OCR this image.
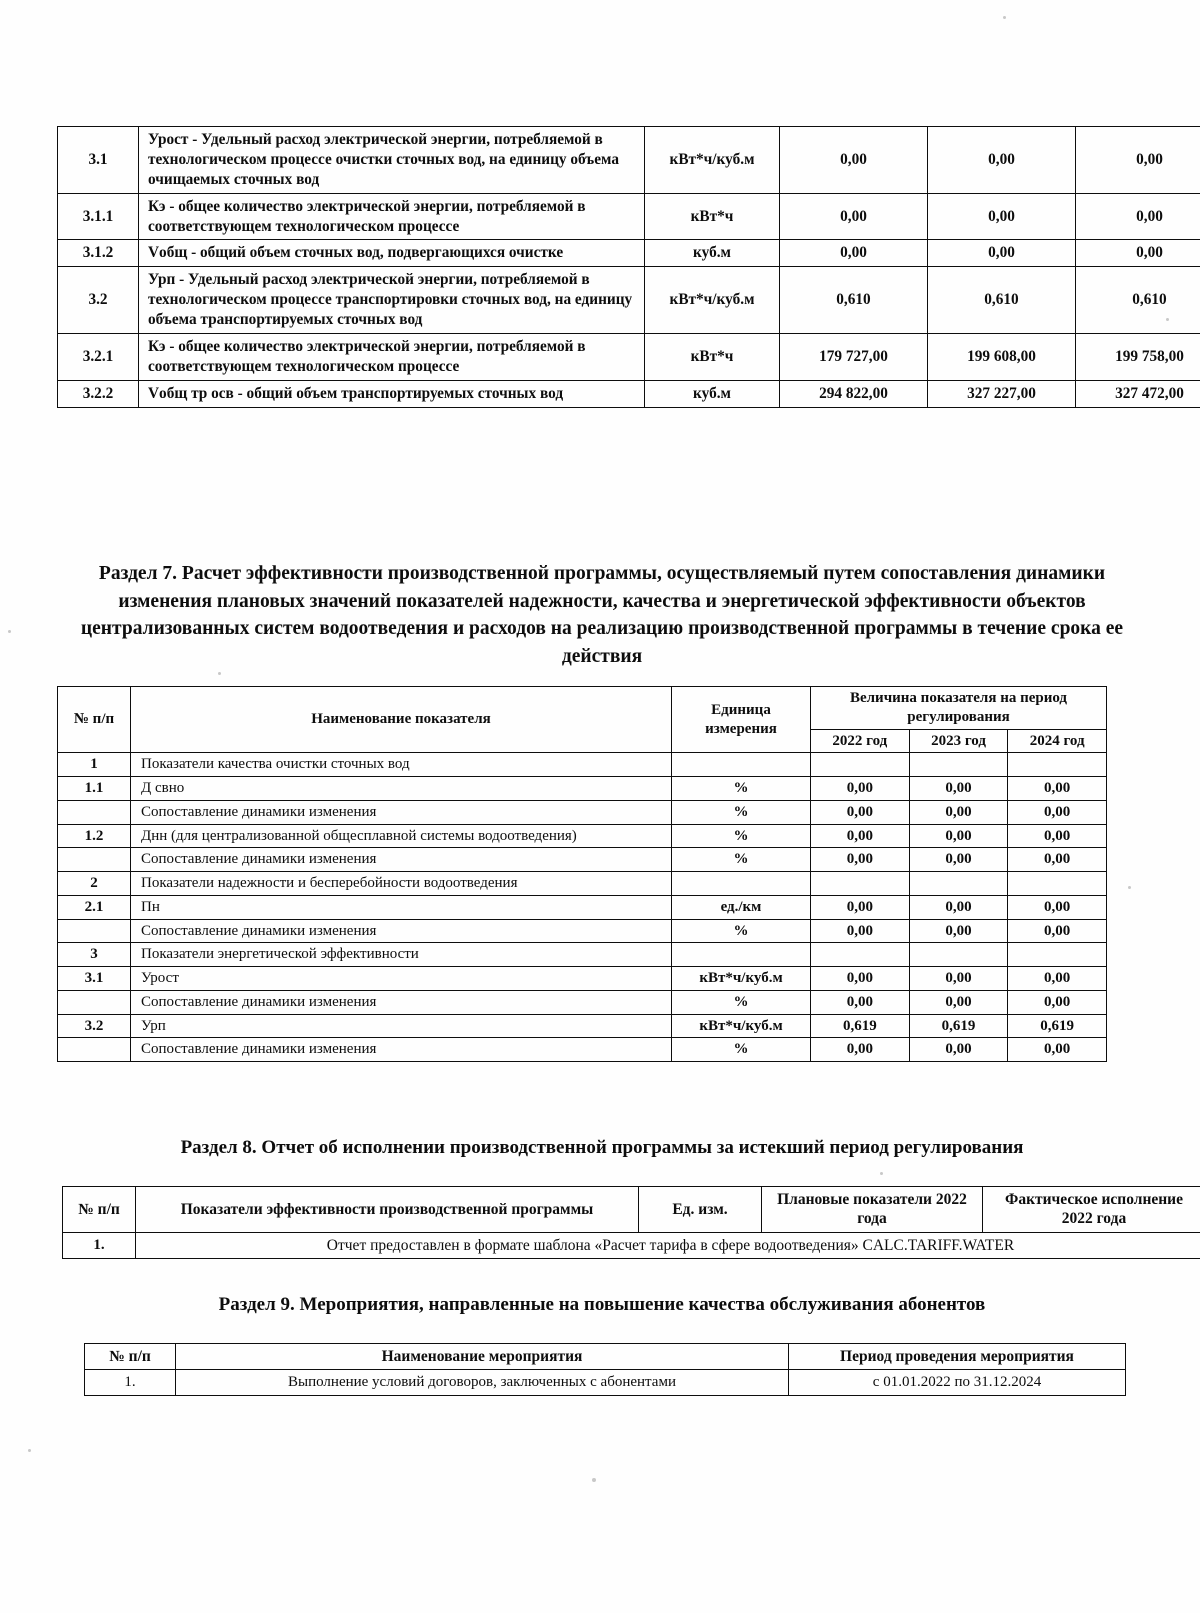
3.1	Урост - Удельный расход электрической энергии, потребляемой в технологическом процессе очистки сточных вод, на единицу объема очищаемых сточных вод	кВт*ч/куб.м	0,00	0,00	0,00
3.1.1	Кэ - общее количество электрической энергии, потребляемой в соответствующем технологическом процессе	кВт*ч	0,00	0,00	0,00
3.1.2	Vобщ - общий объем сточных вод, подвергающихся очистке	куб.м	0,00	0,00	0,00
3.2	Урп - Удельный расход электрической энергии, потребляемой в технологическом процессе транспортировки сточных вод, на единицу объема транспортируемых сточных вод	кВт*ч/куб.м	0,610	0,610	0,610
3.2.1	Кэ - общее количество электрической энергии, потребляемой в соответствующем технологическом процессе	кВт*ч	179 727,00	199 608,00	199 758,00
3.2.2	Vобщ тр осв - общий объем транспортируемых сточных вод	куб.м	294 822,00	327 227,00	327 472,00
Раздел 7. Расчет эффективности производственной программы, осуществляемый путем сопоставления динамики изменения плановых значений показателей надежности, качества и энергетической эффективности объектов централизованных систем водоотведения и расходов на реализацию производственной программы в течение срока ее действия
№ п/п	Наименование показателя	Единица измерения	Величина показателя на период регулирования		
			2022 год	2023 год	2024 год
1	Показатели качества очистки сточных вод				
1.1	Д свно	%	0,00	0,00	0,00
	Сопоставление динамики изменения	%	0,00	0,00	0,00
1.2	Днн (для централизованной общесплавной системы водоотведения)	%	0,00	0,00	0,00
	Сопоставление динамики изменения	%	0,00	0,00	0,00
2	Показатели надежности и бесперебойности водоотведения				
2.1	Пн	ед./км	0,00	0,00	0,00
	Сопоставление динамики изменения	%	0,00	0,00	0,00
3	Показатели энергетической эффективности				
3.1	Урост	кВт*ч/куб.м	0,00	0,00	0,00
	Сопоставление динамики изменения	%	0,00	0,00	0,00
3.2	Урп	кВт*ч/куб.м	0,619	0,619	0,619
	Сопоставление динамики изменения	%	0,00	0,00	0,00
Раздел 8. Отчет об исполнении производственной программы за истекший период регулирования
№ п/п	Показатели эффективности производственной программы	Ед. изм.	Плановые показатели 2022 года	Фактическое исполнение 2022 года
1.	Отчет предоставлен в формате шаблона «Расчет тарифа в сфере водоотведения» CALC.TARIFF.WATER			
Раздел 9. Мероприятия, направленные на повышение качества обслуживания абонентов
№ п/п	Наименование мероприятия	Период проведения мероприятия
1.	Выполнение условий договоров, заключенных с абонентами	с 01.01.2022 по 31.12.2024
